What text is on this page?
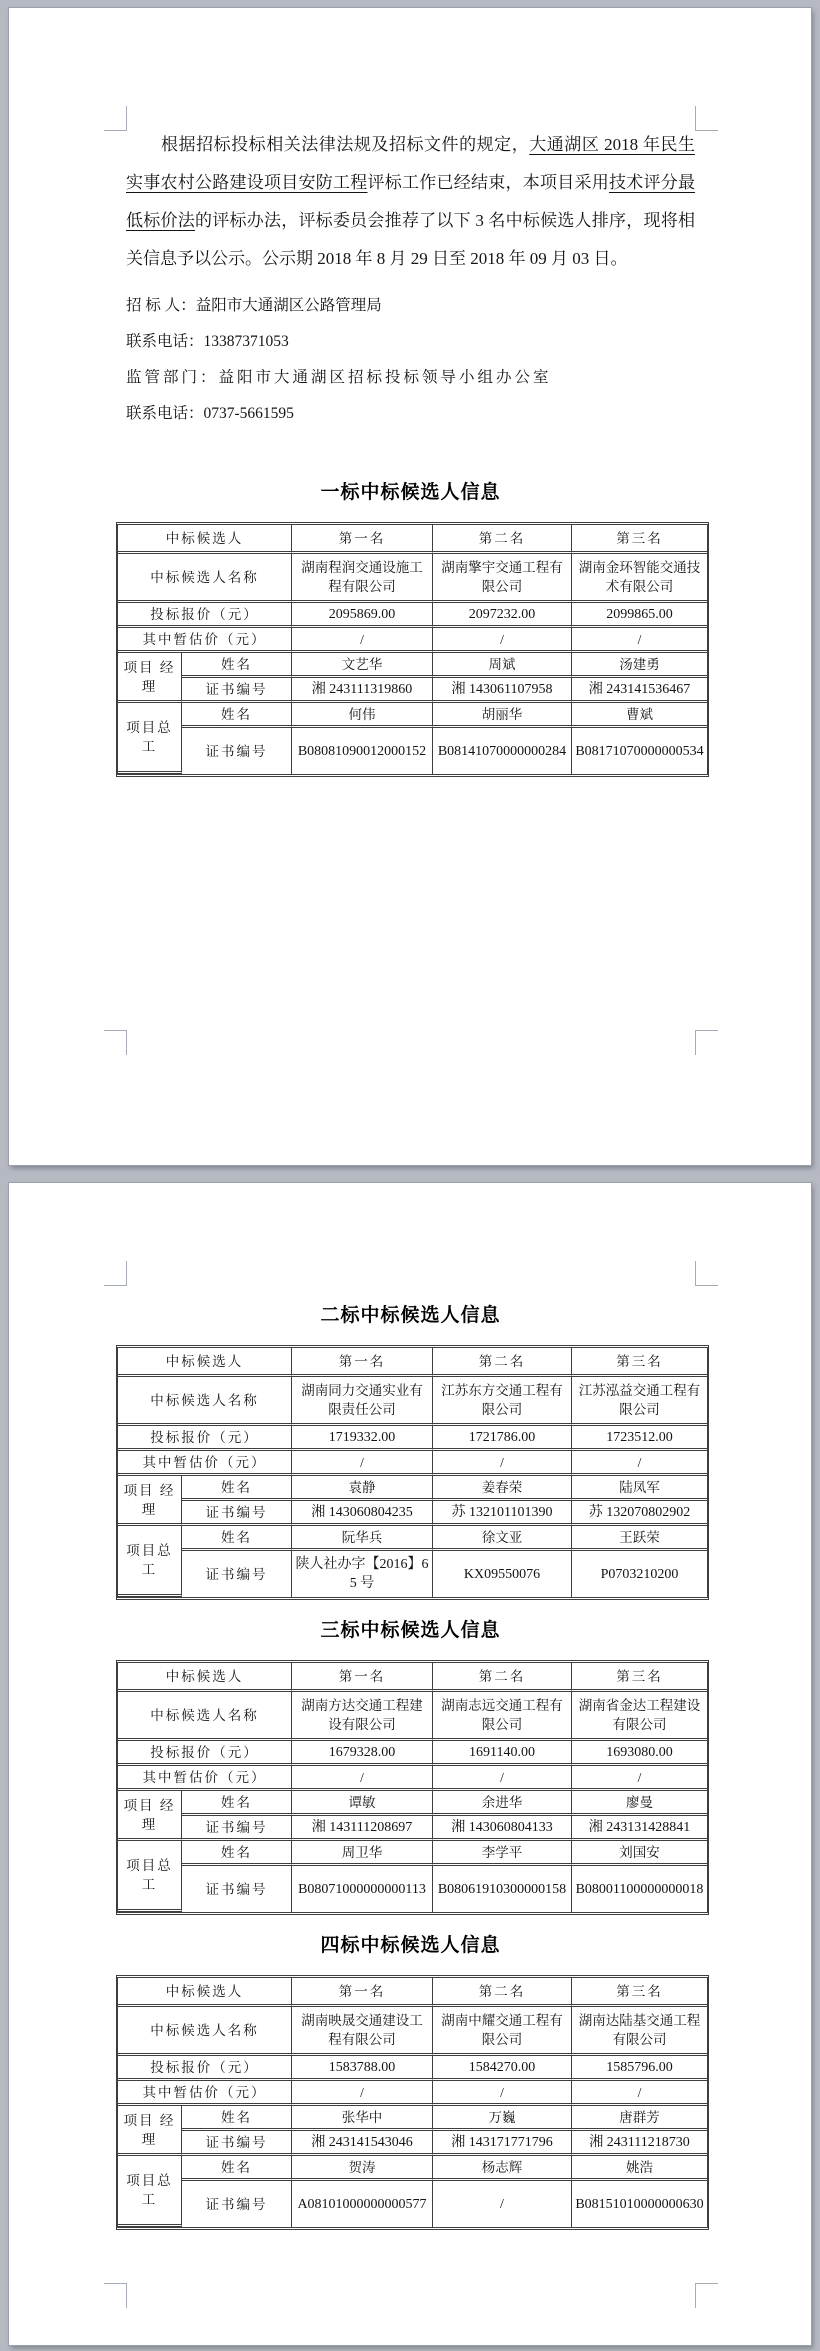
根据招标投标相关法律法规及招标文件的规定，大通湖区 2018 年民生实事农村公路建设项目安防工程评标工作已经结束，本项目采用技术评分最低标价法的评标办法，评标委员会推荐了以下 3 名中标候选人排序，现将相关信息予以公示。公示期 2018 年 8 月 29 日至 2018 年 09 月 03 日。

招 标 人：益阳市大通湖区公路管理局
联系电话：13387371053
监管部门：益阳市大通湖区招标投标领导小组办公室
联系电话：0737-5661595
一标中标候选人信息
中标候选人		第一名	第二名	第三名
中标候选人名称		湖南程润交通设施工程有限公司	湖南擎宇交通工程有限公司	湖南金环智能交通技术有限公司
投标报价（元）		2095869.00	2097232.00	2099865.00
其中暂估价（元）		/	/	/
项目 经理	姓名	文艺华	周斌	汤建勇
	证书编号	湘 243111319860	湘 143061107958	湘 243141536467
项目总 工	姓名	何伟	胡丽华	曹斌
	证书编号	B08081090012000152	B08141070000000284	B08171070000000534
二标中标候选人信息
中标候选人		第一名	第二名	第三名
中标候选人名称		湖南同力交通实业有限责任公司	江苏东方交通工程有限公司	江苏泓益交通工程有限公司
投标报价（元）		1719332.00	1721786.00	1723512.00
其中暂估价（元）		/	/	/
项目 经理	姓名	袁静	姜春荣	陆凤军
	证书编号	湘 143060804235	苏 132101101390	苏 132070802902
项目总 工	姓名	阮华兵	徐文亚	王跃荣
	证书编号	陕人社办字【2016】65 号	KX09550076	P0703210200
三标中标候选人信息
中标候选人		第一名	第二名	第三名
中标候选人名称		湖南方达交通工程建设有限公司	湖南志远交通工程有限公司	湖南省金达工程建设有限公司
投标报价（元）		1679328.00	1691140.00	1693080.00
其中暂估价（元）		/	/	/
项目 经理	姓名	谭敏	余进华	廖曼
	证书编号	湘 143111208697	湘 143060804133	湘 243131428841
项目总 工	姓名	周卫华	李学平	刘国安
	证书编号	B08071000000000113	B08061910300000158	B08001100000000018
四标中标候选人信息
中标候选人		第一名	第二名	第三名
中标候选人名称		湖南映晟交通建设工程有限公司	湖南中耀交通工程有限公司	湖南达陆基交通工程有限公司
投标报价（元）		1583788.00	1584270.00	1585796.00
其中暂估价（元）		/	/	/
项目 经理	姓名	张华中	万巍	唐群芳
	证书编号	湘 243141543046	湘 143171771796	湘 243111218730
项目总 工	姓名	贺涛	杨志辉	姚浩
	证书编号	A08101000000000577	/	B08151010000000630
